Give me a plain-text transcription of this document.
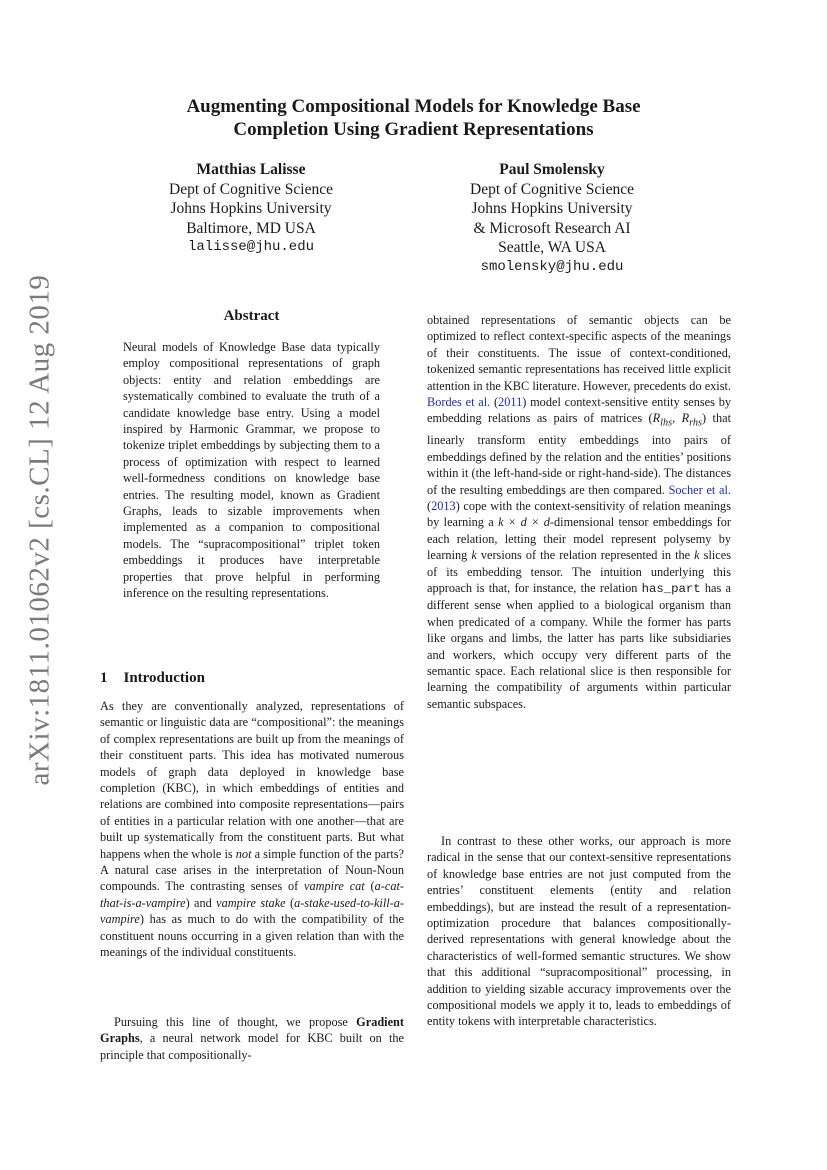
arXiv:1811.01062v2 [cs.CL] 12 Aug 2019
Augmenting Compositional Models for Knowledge Base
Completion Using Gradient Representations
Matthias Lalisse
Dept of Cognitive Science
Johns Hopkins University
Baltimore, MD USA
lalisse@jhu.edu
Paul Smolensky
Dept of Cognitive Science
Johns Hopkins University
& Microsoft Research AI
Seattle, WA USA
smolensky@jhu.edu
Abstract

Neural models of Knowledge Base data typically employ compositional representations of graph objects: entity and relation embeddings are systematically combined to evaluate the truth of a candidate knowledge base entry. Using a model inspired by Harmonic Grammar, we propose to tokenize triplet embeddings by subjecting them to a process of optimization with respect to learned well-formedness conditions on knowledge base entries. The resulting model, known as Gradient Graphs, leads to sizable improvements when implemented as a companion to compositional models. The “supracompositional” triplet token embeddings it produces have interpretable properties that prove helpful in performing inference on the resulting representations.

1 Introduction

As they are conventionally analyzed, representations of semantic or linguistic data are “compositional”: the meanings of complex representations are built up from the meanings of their constituent parts. This idea has motivated numerous models of graph data deployed in knowledge base completion (KBC), in which embeddings of entities and relations are combined into composite representations—pairs of entities in a particular relation with one another—that are built up systematically from the constituent parts. But what happens when the whole is not a simple function of the parts? A natural case arises in the interpretation of Noun-Noun compounds. The contrasting senses of vampire cat (a-cat-that-is-a-vampire) and vampire stake (a-stake-used-to-kill-a-vampire) has as much to do with the compatibility of the constituent nouns occurring in a given relation than with the meanings of the individual constituents.

Pursuing this line of thought, we propose Gradient Graphs, a neural network model for KBC built on the principle that compositionally-

obtained representations of semantic objects can be optimized to reflect context-specific aspects of the meanings of their constituents. The issue of context-conditioned, tokenized semantic representations has received little explicit attention in the KBC literature. However, precedents do exist. Bordes et al. (2011) model context-sensitive entity senses by embedding relations as pairs of matrices ($R_{lhs}$, $R_{rhs}$) that linearly transform entity embeddings into pairs of embeddings defined by the relation and the entities’ positions within it (the left-hand-side or right-hand-side). The distances of the resulting embeddings are then compared. Socher et al. (2013) cope with the context-sensitivity of relation meanings by learning a k × d × d-dimensional tensor embeddings for each relation, letting their model represent polysemy by learning k versions of the relation represented in the k slices of its embedding tensor. The intuition underlying this approach is that, for instance, the relation has_part has a different sense when applied to a biological organism than when predicated of a company. While the former has parts like organs and limbs, the latter has parts like subsidiaries and workers, which occupy very different parts of the semantic space. Each relational slice is then responsible for learning the compatibility of arguments within particular semantic subspaces.

In contrast to these other works, our approach is more radical in the sense that our context-sensitive representations of knowledge base entries are not just computed from the entries’ constituent elements (entity and relation embeddings), but are instead the result of a representation-optimization procedure that balances compositionally-derived representations with general knowledge about the characteristics of well-formed semantic structures. We show that this additional “supracompositional” processing, in addition to yielding sizable accuracy improvements over the compositional models we apply it to, leads to embeddings of entity tokens with interpretable characteristics.
